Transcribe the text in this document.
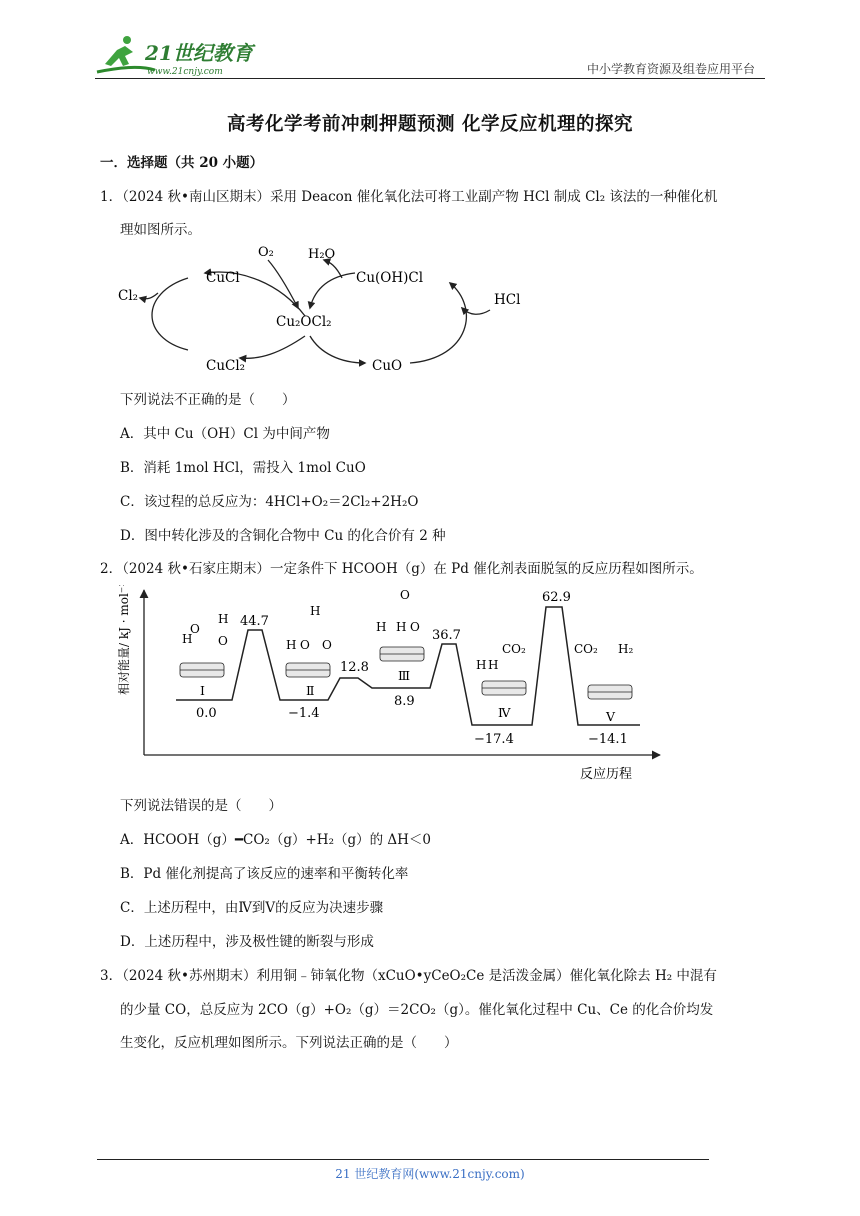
21世纪教育
www.21cnjy.com	中小学教育资源及组卷应用平台
高考化学考前冲刺押题预测 化学反应机理的探究
一．选择题（共 20 小题）
1．（2024 秋•南山区期末）采用 Deacon 催化氧化法可将工业副产物 HCl 制成 Cl₂ 该法的一种催化机
理如图所示。
O₂	H₂O
CuCl	Cu(OH)Cl
Cl₂	HCl
Cu₂OCl₂
CuCl₂	CuO
下列说法不正确的是（　　）
A．其中 Cu（OH）Cl 为中间产物
B．消耗 1mol HCl，需投入 1mol CuO
C．该过程的总反应为：4HCl+O₂＝2Cl₂+2H₂O
D．图中转化涉及的含铜化合物中 Cu 的化合价有 2 种
2．（2024 秋•石家庄期末）一定条件下 HCOOH（g）在 Pd 催化剂表面脱氢的反应历程如图所示。
相对能量/ kJ · mol⁻¹
反应历程
H
O
H
O
H
H O O
O
H H O
CO₂
H H
CO₂ H₂
Ⅰ	Ⅱ
Ⅲ
Ⅳ	Ⅴ
0.0	−1.4
8.9
−17.4	−14.1
44.7
12.8
36.7
62.9
下列说法错误的是（　　）
A．HCOOH（g）━CO₂（g）+H₂（g）的 ΔH＜0
B．Pd 催化剂提高了该反应的速率和平衡转化率
C．上述历程中，由Ⅳ到Ⅴ的反应为决速步骤
D．上述历程中，涉及极性键的断裂与形成
3．（2024 秋•苏州期末）利用铜﹣铈氧化物（xCuO•yCeO₂Ce 是活泼金属）催化氧化除去 H₂ 中混有
的少量 CO，总反应为 2CO（g）+O₂（g）＝2CO₂（g）。催化氧化过程中 Cu、Ce 的化合价均发
生变化，反应机理如图所示。下列说法正确的是（　　）
21 世纪教育网(www.21cnjy.com)
